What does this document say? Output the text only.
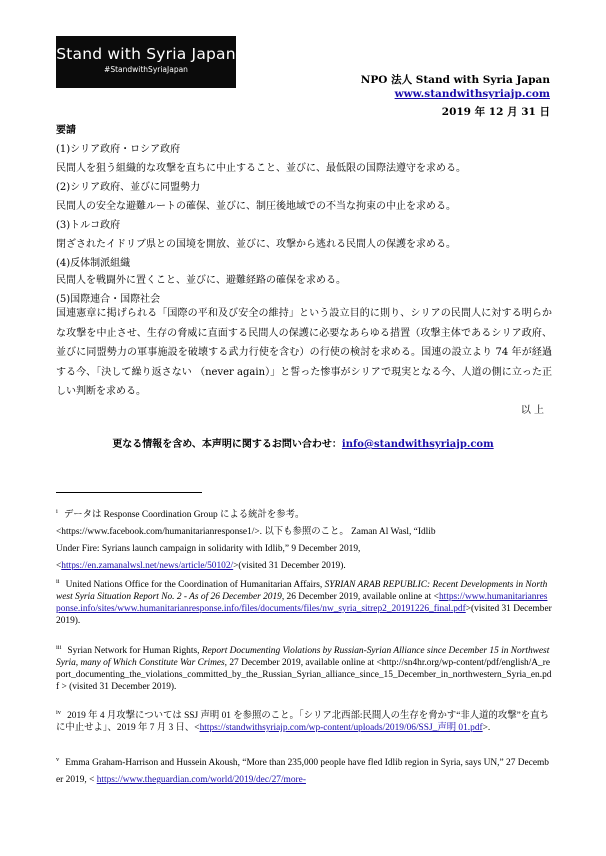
Stand with Syria Japan
#StandwithSyriaJapan
NPO 法人 Stand with Syria Japan
www.standwithsyriajp.com
2019 年 12 月 31 日
要請
(1)シリア政府・ロシア政府
民間人を狙う組織的な攻撃を直ちに中止すること、並びに、最低限の国際法遵守を求める。
(2)シリア政府、並びに同盟勢力
民間人の安全な避難ルートの確保、並びに、制圧後地域での不当な拘束の中止を求める。
(3)トルコ政府
閉ざされたイドリブ県との国境を開放、並びに、攻撃から逃れる民間人の保護を求める。
(4)反体制派組織
民間人を戦闘外に置くこと、並びに、避難経路の確保を求める。
(5)国際連合・国際社会
国連憲章に掲げられる「国際の平和及び安全の維持」という設立目的に則り、シリアの民間人に対する明らかな攻撃を中止させ、生存の脅威に直面する民間人の保護に必要なあらゆる措置（攻撃主体であるシリア政府、並びに同盟勢力の軍事施設を破壊する武力行使を含む）の行使の検討を求める。国連の設立より 74 年が経過する今、「決して繰り返さない （never again）」と誓った惨事がシリアで現実となる今、人道の側に立った正しい判断を求める。
以 上
更なる情報を含め、本声明に関するお問い合わせ：info@standwithsyriajp.com
$^i$ データは Response Coordination Group による統計を参考。
<https://www.facebook.com/humanitarianresponse1/>. 以下も参照のこと。 Zaman Al Wasl, “Idlib
Under Fire: Syrians launch campaign in solidarity with Idlib,” 9 December 2019,
<https://en.zamanalwsl.net/news/article/50102/>(visited 31 December 2019).
$^{ii}$ United Nations Office for the Coordination of Humanitarian Affairs, SYRIAN ARAB REPUBLIC: Recent Developments in Northwest Syria Situation Report No. 2 - As of 26 December 2019, 26 December 2019, available online at <https://www.humanitarianresponse.info/sites/www.humanitarianresponse.info/files/documents/files/nw_syria_sitrep2_20191226_final.pdf>(visited 31 December 2019).
$^{iii}$ Syrian Network for Human Rights, Report Documenting Violations by Russian-Syrian Alliance since December 15 in Northwest Syria, many of Which Constitute War Crimes, 27 December 2019, available online at <http://sn4hr.org/wp-content/pdf/english/A_report_documenting_the_violations_committed_by_the_Russian_Syrian_alliance_since_15_December_in_northwestern_Syria_en.pdf > (visited 31 December 2019).
$^{iv}$ 2019 年 4 月攻撃については SSJ 声明 01 を参照のこと。「シリア北西部:民間人の生存を脅かす“非人道的攻撃”を直ちに中止せよ」、2019 年 7 月 3 日、<https://standwithsyriajp.com/wp-content/uploads/2019/06/SSJ_声明 01.pdf>.
$^v$ Emma Graham-Harrison and Hussein Akoush, “More than 235,000 people have fled Idlib region in Syria, says UN,” 27 December 2019, < https://www.theguardian.com/world/2019/dec/27/more-
